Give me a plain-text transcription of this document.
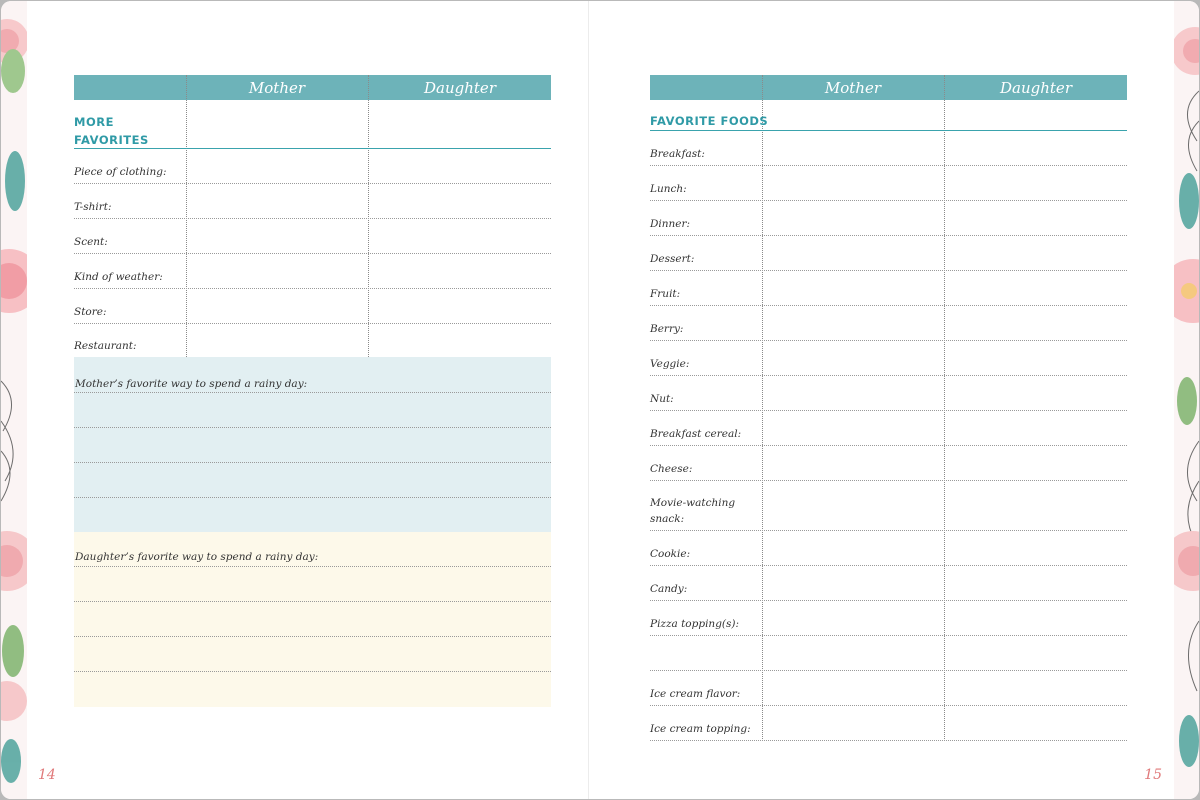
Mother	Daughter
MORE
FAVORITES
Piece of clothing:
T-shirt:
Scent:
Kind of weather:
Store:
Restaurant:
Mother’s favorite way to spend a rainy day:
Daughter’s favorite way to spend a rainy day:
Mother	Daughter
FAVORITE FOODS
Breakfast:
Lunch:
Dinner:
Dessert:
Fruit:
Berry:
Veggie:
Nut:
Breakfast cereal:
Cheese:
Movie-watching
snack:
Cookie:
Candy:
Pizza topping(s):
Ice cream flavor:
Ice cream topping:
14	15
